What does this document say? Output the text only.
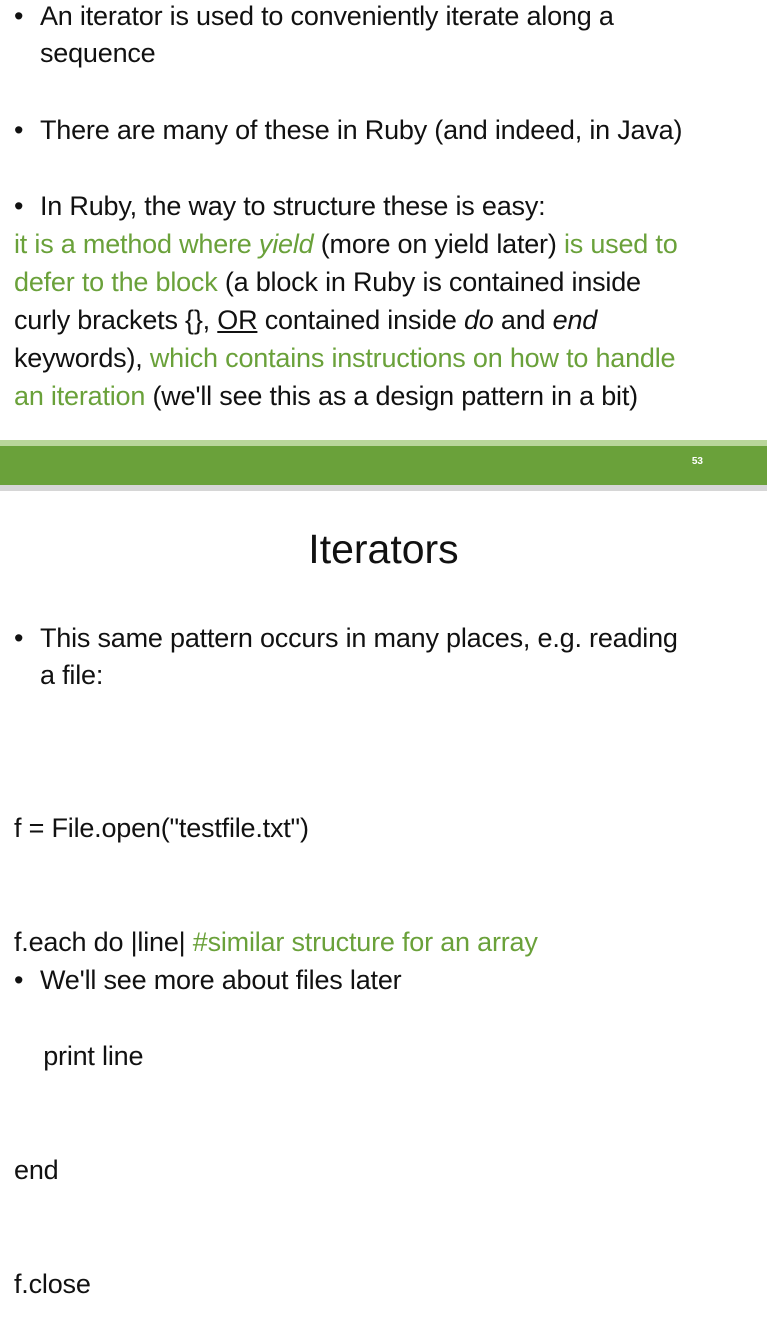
• An iterator is used to conveniently iterate along a
sequence
• There are many of these in Ruby (and indeed, in Java)
• In Ruby, the way to structure these is easy:
it is a method where yield (more on yield later) is used to
defer to the block (a block in Ruby is contained inside
curly brackets {}, OR contained inside do and end
keywords), which contains instructions on how to handle
an iteration (we'll see this as a design pattern in a bit)
53
Iterators
• This same pattern occurs in many places, e.g. reading
a file:

f = File.open("testfile.txt")

f.each do |line| #similar structure for an array

print line

end

f.close

• We'll see more about files later
